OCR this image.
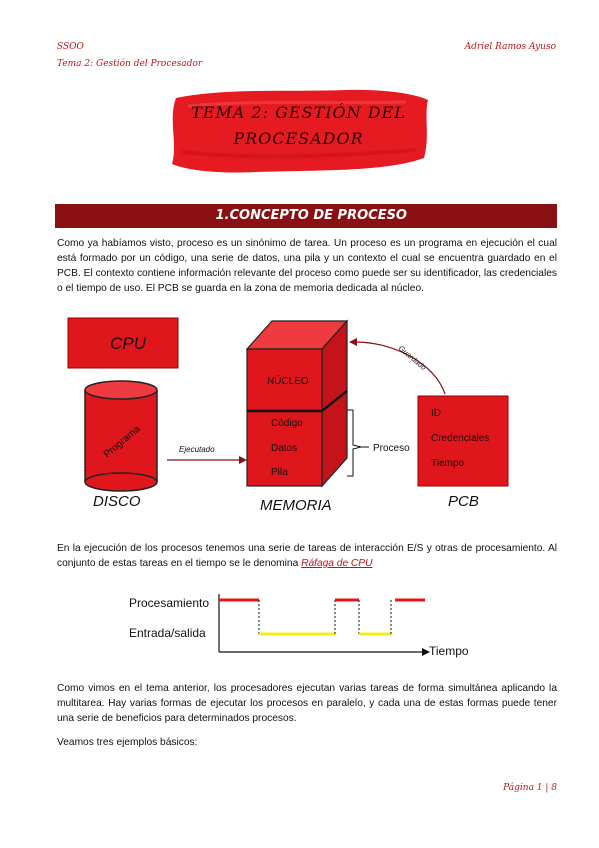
SSOO
Tema 2: Gestión del Procesador
Adriel Ramos Ayuso
TEMA 2: GESTIÓN DEL
PROCESADOR
1.CONCEPTO DE PROCESO
Como ya habíamos visto, proceso es un sinónimo de tarea. Un proceso es un programa en ejecución el cual está formado por un código, una serie de datos, una pila y un contexto el cual se encuentra guardado en el PCB. El contexto contiene información relevante del proceso como puede ser su identificador, las credenciales o el tiempo de uso. El PCB se guarda en la zona de memoria dedicada al núcleo.
CPU
Programa
DISCO
Ejecutado
NÚCLEO
Código
Datos
Pila
MEMORIA
Proceso
Guardado
ID
Credenciales
Tiempo
PCB
En la ejecución de los procesos tenemos una serie de tareas de interacción E/S y otras de procesamiento. Al conjunto de estas tareas en el tiempo se le denomina Ráfaga de CPU
Procesamiento
Entrada/salida
Tiempo
Como vimos en el tema anterior, los procesadores ejecutan varias tareas de forma simultánea aplicando la multitarea. Hay varias formas de ejecutar los procesos en paralelo, y cada una de estas formas puede tener una serie de beneficios para determinados procesos.
Veamos tres ejemplos básicos:
Página 1 | 8
